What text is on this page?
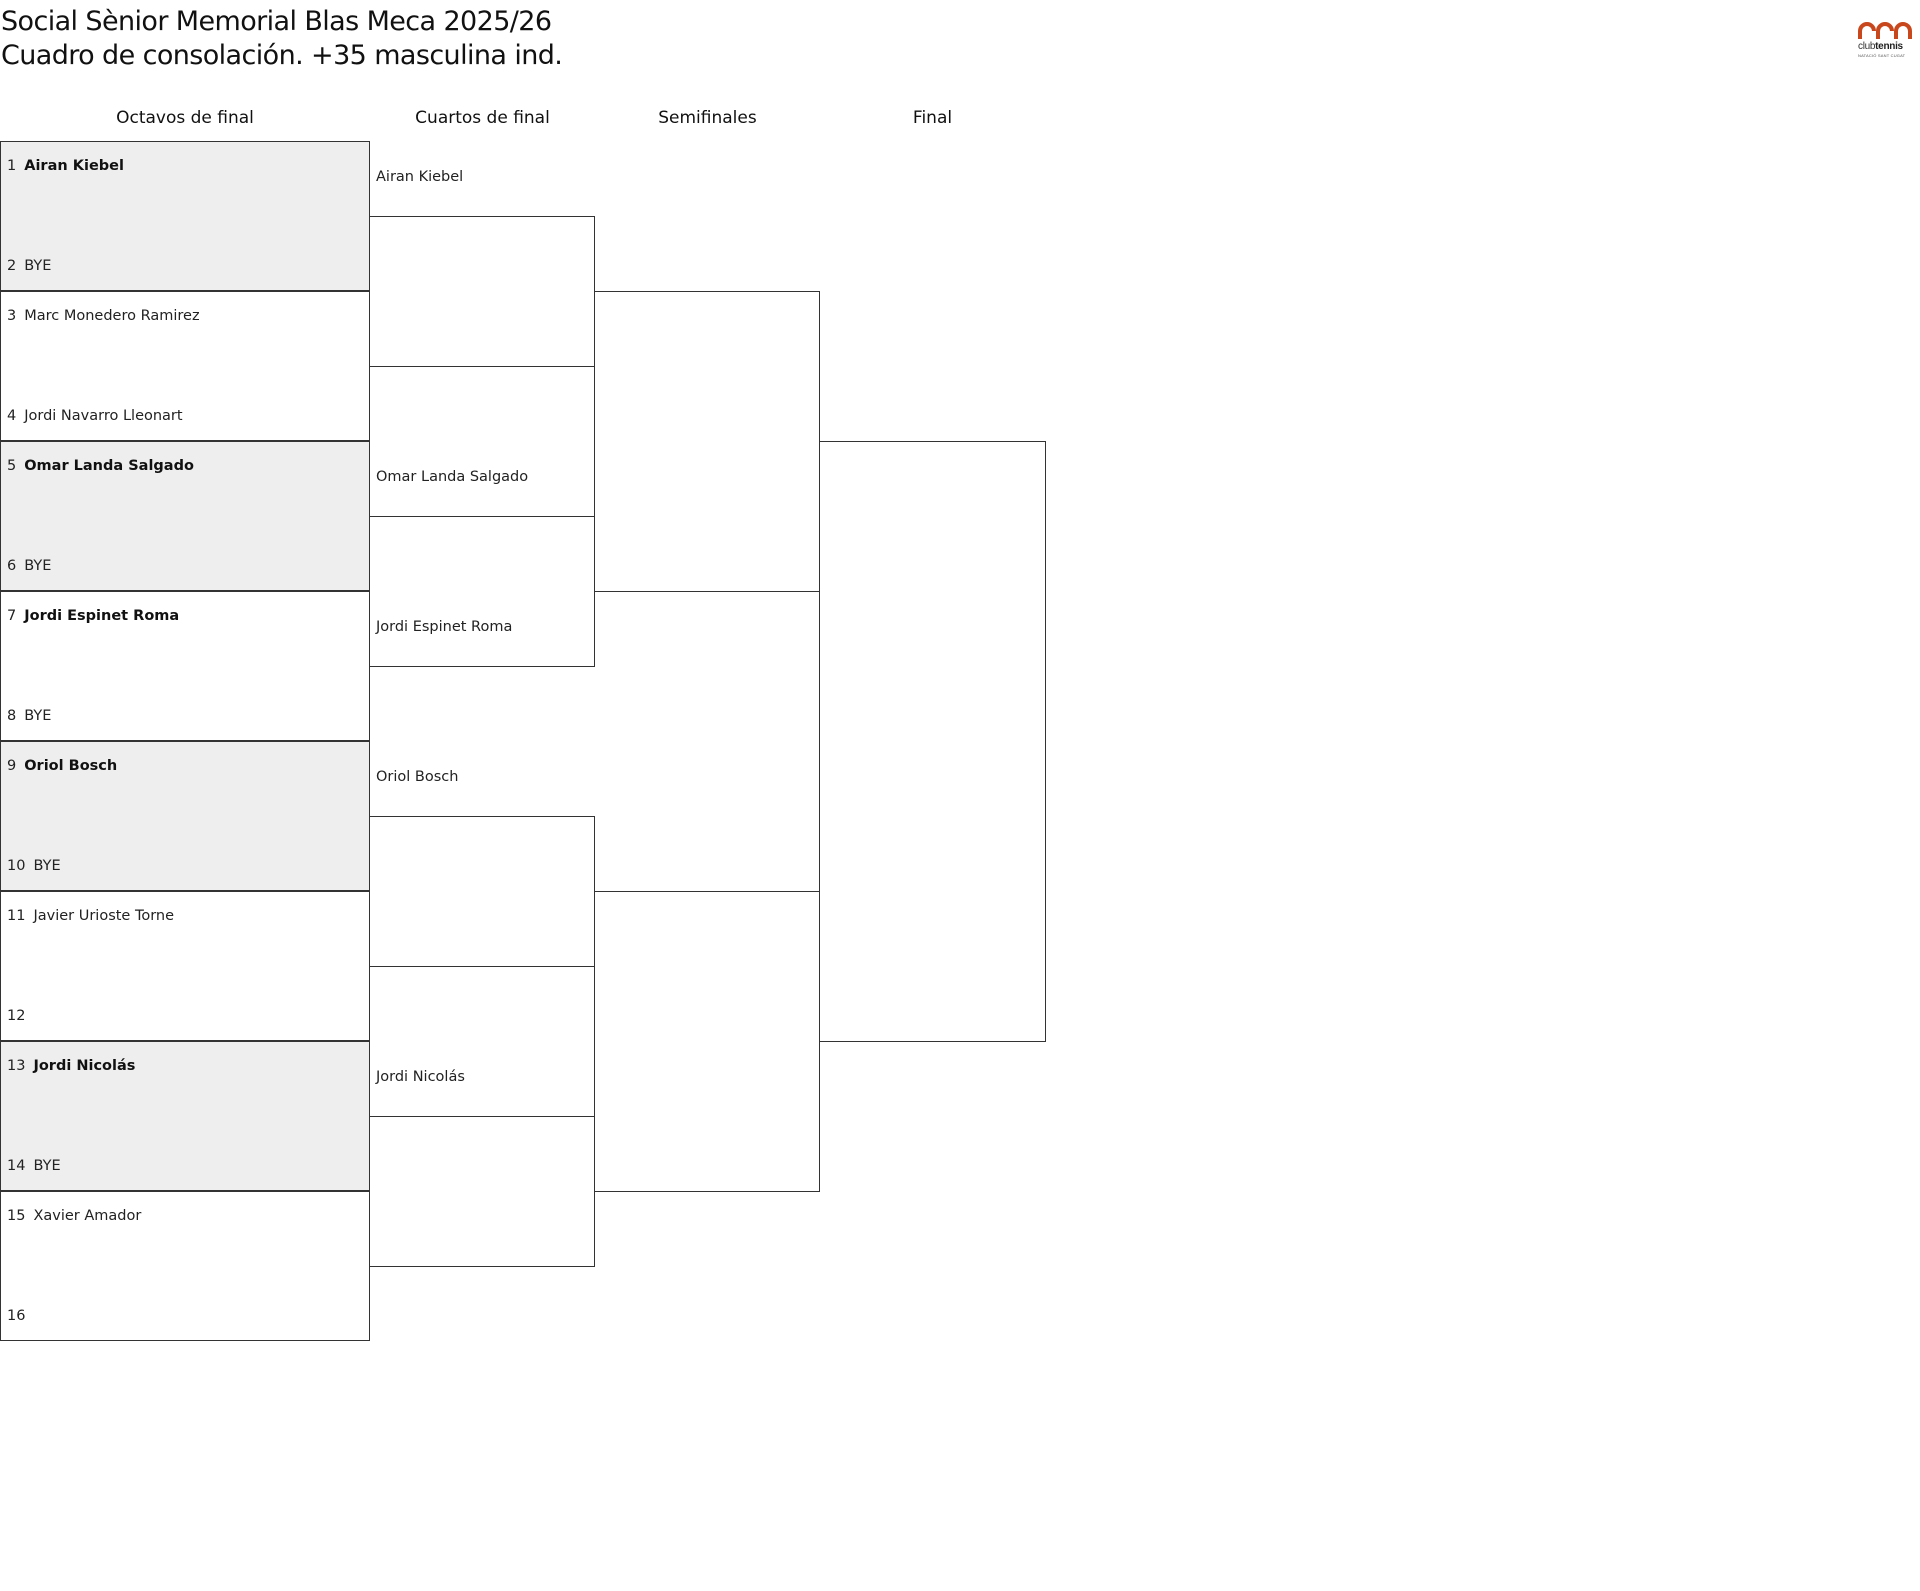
Social Sènior Memorial Blas Meca 2025/26
Cuadro de consolación. +35 masculina ind.	clubtennis
NATACIÓ SANT CUGAT
Octavos de final	Cuartos de final	Semifinales	Final
1 Airan Kiebel
2 BYE
3 Marc Monedero Ramirez
4 Jordi Navarro Lleonart
5 Omar Landa Salgado
6 BYE
7 Jordi Espinet Roma
8 BYE
9 Oriol Bosch
10 BYE
11 Javier Urioste Torne
12
13 Jordi Nicolás
14 BYE
15 Xavier Amador
16
Airan Kiebel
Omar Landa Salgado
Jordi Espinet Roma
Oriol Bosch
Jordi Nicolás
